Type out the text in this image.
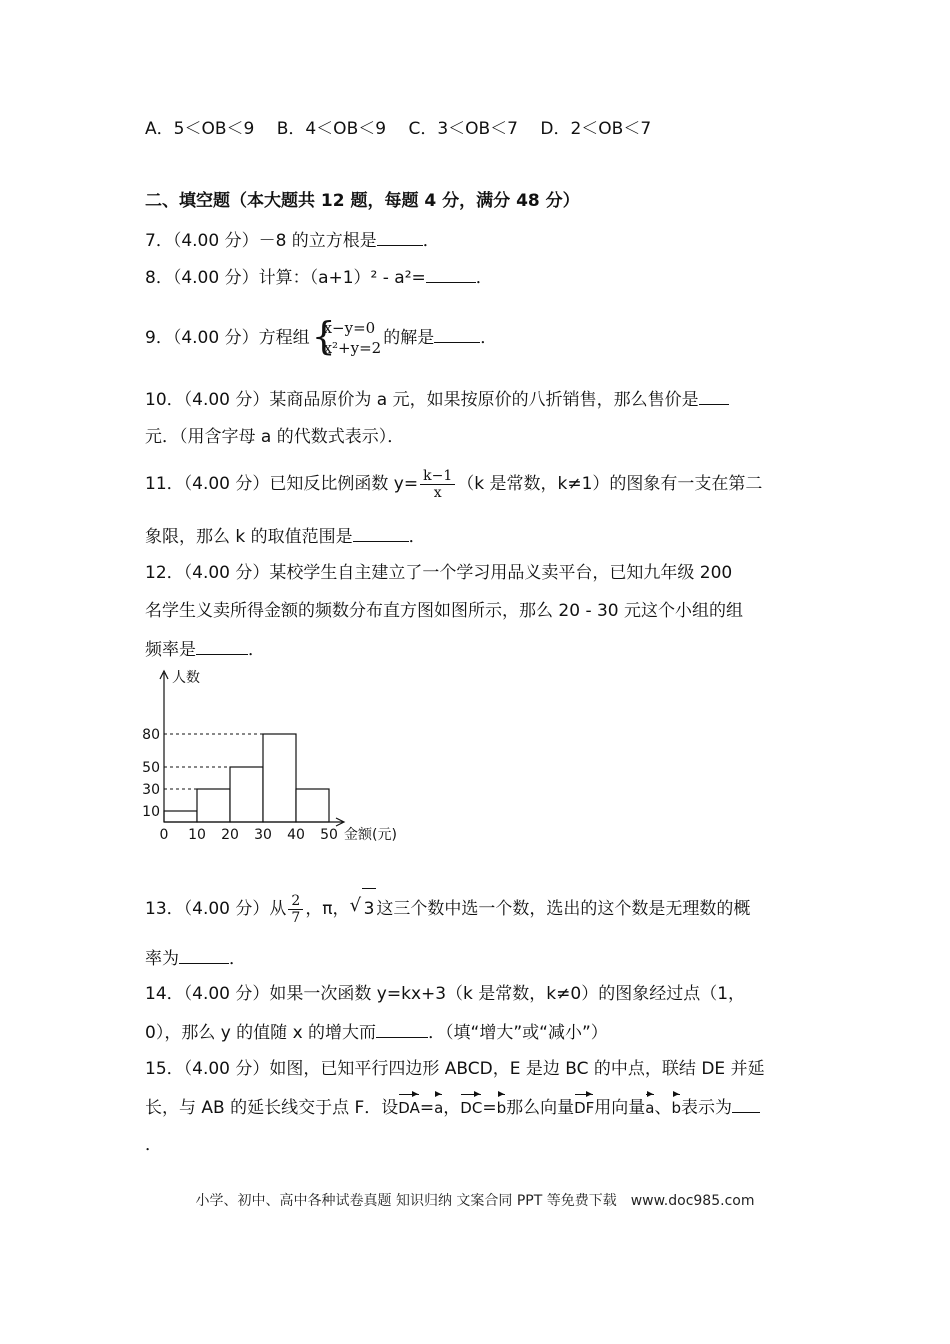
A．5＜OB＜9　 B．4＜OB＜9　 C．3＜OB＜7　 D．2＜OB＜7
二、填空题（本大题共 12 题，每题 4 分，满分 48 分）
7．（4.00 分）－8 的立方根是	．
8．（4.00 分）计算：（a+1）² ‑ a²=	．
9．（4.00 分）方程组 {
x−y=0
x²+y=2 的解是	．
10．（4.00 分）某商品原价为 a 元，如果按原价的八折销售，那么售价是
元．（用含字母 a 的代数式表示）．
11．（4.00 分）已知反比例函数 $y= \frac{k-1}{x} (k$ 是常数，k≠1）的图象有一支在第二
象限，那么 k 的取值范围是	．
12．（4.00 分）某校学生自主建立了一个学习用品义卖平台，已知九年级 200
名学生义卖所得金额的频数分布直方图如图所示，那么 20 ‑ 30 元这个小组的组
频率是	．
10
30
50
80
0 10 20 30 40 50
人数
金额(元)
13．（4.00 分）从 $\frac{2}{7}$ ，π， √ 3 这三个数中选一个数，选出的这个数是无理数的概
率为	．
14．（4.00 分）如果一次函数 y=kx+3（k 是常数，k≠0）的图象经过点（1，
0），那么 y 的值随 x 的增大而	．（填“增大”或“减小”）
15．（4.00 分）如图，已知平行四边形 ABCD，E 是边 BC 的中点，联结 DE 并延
长，与 AB 的延长线交于点 F．设DA=a，DC=b那么向量DF用向量a、b表示为
．
小学、初中、高中各种试卷真题 知识归纳 文案合同 PPT 等免费下载　www.doc985.com
